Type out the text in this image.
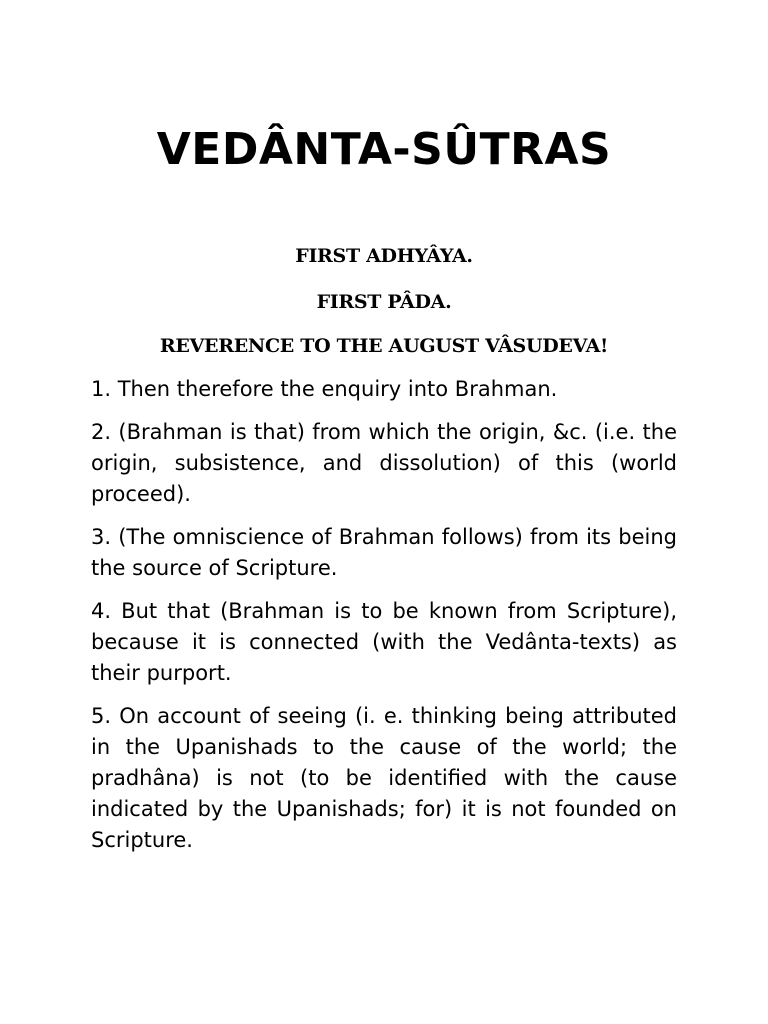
VEDÂNTA-SÛTRAS

FIRST ADHYÂYA.

FIRST PÂDA.

REVERENCE TO THE AUGUST VÂSUDEVA!

1. Then therefore the enquiry into Brahman.

2. (Brahman is that) from which the origin, &c. (i.e. the origin, subsistence, and dissolution) of this (world proceed).

3. (The omniscience of Brahman follows) from its being the source of Scripture.

4. But that (Brahman is to be known from Scripture), because it is connected (with the Vedânta-texts) as their purport.

5. On account of seeing (i. e. thinking being attributed in the Upanishads to the cause of the world; the pradhâna) is not (to be identified with the cause indicated by the Upanishads; for) it is not founded on Scripture.
